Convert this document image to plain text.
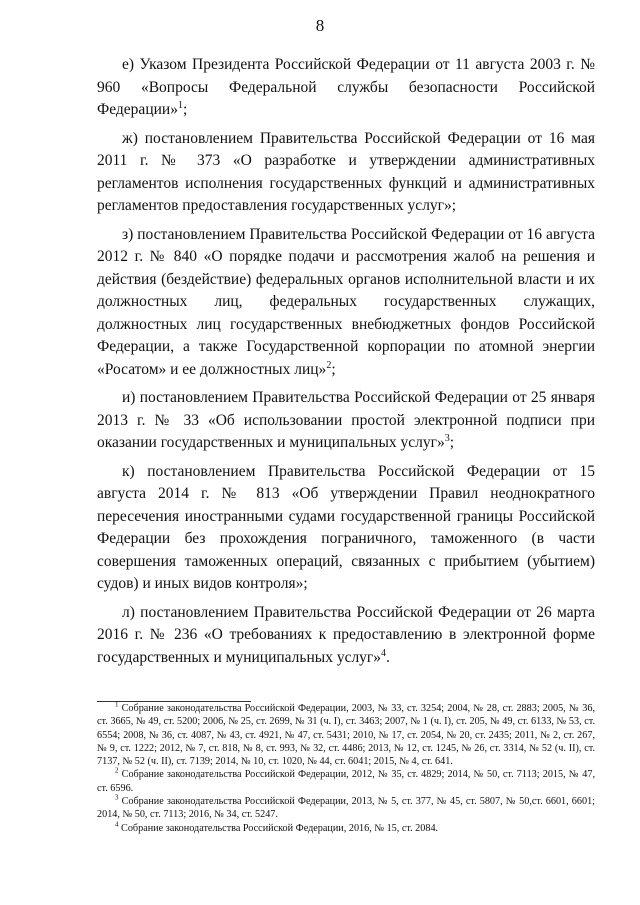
8

е) Указом Президента Российской Федерации от 11 августа 2003 г. № 960 «Вопросы Федеральной службы безопасности Российской Федерации»$^1$;

ж) постановлением Правительства Российской Федерации от 16 мая 2011 г. № 373 «О разработке и утверждении административных регламентов исполнения государственных функций и административных регламентов предоставления государственных услуг»;

з) постановлением Правительства Российской Федерации от 16 августа 2012 г. № 840 «О порядке подачи и рассмотрения жалоб на решения и действия (бездействие) федеральных органов исполнительной власти и их должностных лиц, федеральных государственных служащих, должностных лиц государственных внебюджетных фондов Российской Федерации, а также Государственной корпорации по атомной энергии «Росатом» и ее должностных лиц»$^2$;

и) постановлением Правительства Российской Федерации от 25 января 2013 г. № 33 «Об использовании простой электронной подписи при оказании государственных и муниципальных услуг»$^3$;

к) постановлением Правительства Российской Федерации от 15 августа 2014 г. № 813 «Об утверждении Правил неоднократного пересечения иностранными судами государственной границы Российской Федерации без прохождения пограничного, таможенного (в части совершения таможенных операций, связанных с прибытием (убытием) судов) и иных видов контроля»;

л) постановлением Правительства Российской Федерации от 26 марта 2016 г. № 236 «О требованиях к предоставлению в электронной форме государственных и муниципальных услуг»$^4$.

$^1$ Собрание законодательства Российской Федерации, 2003, № 33, ст. 3254; 2004, № 28, ст. 2883; 2005, № 36, ст. 3665, № 49, ст. 5200; 2006, № 25, ст. 2699, № 31 (ч. I), ст. 3463; 2007, № 1 (ч. I), ст. 205, № 49, ст. 6133, № 53, ст. 6554; 2008, № 36, ст. 4087, № 43, ст. 4921, № 47, ст. 5431; 2010, № 17, ст. 2054, № 20, ст. 2435; 2011, № 2, ст. 267, № 9, ст. 1222; 2012, № 7, ст. 818, № 8, ст. 993, № 32, ст. 4486; 2013, № 12, ст. 1245, № 26, ст. 3314, № 52 (ч. II), ст. 7137, № 52 (ч. II), ст. 7139; 2014, № 10, ст. 1020, № 44, ст. 6041; 2015, № 4, ст. 641.

$^2$ Собрание законодательства Российской Федерации, 2012, № 35, ст. 4829; 2014, № 50, ст. 7113; 2015, № 47, ст. 6596.

$^3$ Собрание законодательства Российской Федерации, 2013, № 5, ст. 377, № 45, ст. 5807, № 50,ст. 6601, 6601; 2014, № 50, ст. 7113; 2016, № 34, ст. 5247.

$^4$ Собрание законодательства Российской Федерации, 2016, № 15, ст. 2084.
